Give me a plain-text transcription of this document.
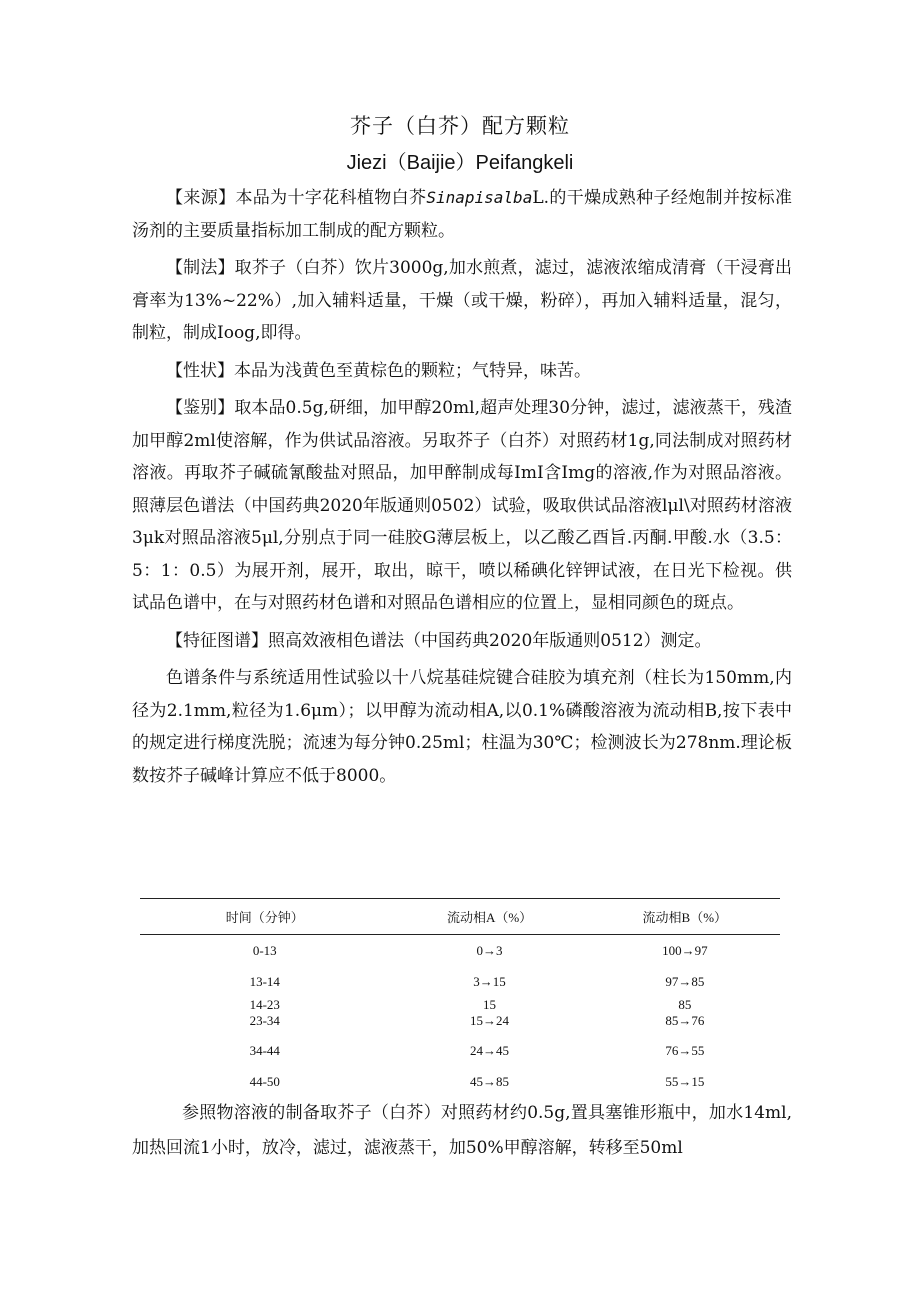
芥子（白芥）配方颗粒
Jiezi（Baijie）Peifangkeli

【来源】本品为十字花科植物白芥SinapisalbaL.的干燥成熟种子经炮制并按标准汤剂的主要质量指标加工制成的配方颗粒。

【制法】取芥子（白芥）饮片3000g,加水煎煮，滤过，滤液浓缩成清膏（干浸膏出膏率为13%~22%）,加入辅料适量，干燥（或干燥，粉碎），再加入辅料适量，混匀，制粒，制成Ioog,即得。

【性状】本品为浅黄色至黄棕色的颗粒；气特异，味苦。

【鉴别】取本品0.5g,研细，加甲醇20ml,超声处理30分钟，滤过，滤液蒸干，残渣加甲醇2ml使溶解，作为供试品溶液。另取芥子（白芥）对照药材1g,同法制成对照药材溶液。再取芥子碱硫氰酸盐对照品，加甲醉制成每ImI含Img的溶液,作为对照品溶液。照薄层色谱法（中国药典2020年版通则0502）试验，吸取供试品溶液lμl\对照药材溶液3μk对照品溶液5μl,分别点于同一硅胶G薄层板上，以乙酸乙酉旨.丙酮.甲酸.水（3.5：5：1：0.5）为展开剂，展开，取出，晾干，喷以稀碘化锌钾试液，在日光下检视。供试品色谱中，在与对照药材色谱和对照品色谱相应的位置上，显相同颜色的斑点。

【特征图谱】照高效液相色谱法（中国药典2020年版通则0512）测定。

色谱条件与系统适用性试验以十八烷基硅烷键合硅胶为填充剂（柱长为150mm,内径为2.1mm,粒径为1.6μm）；以甲醇为流动相A,以0.1%磷酸溶液为流动相B,按下表中的规定进行梯度洗脱；流速为每分钟0.25ml；柱温为30℃；检测波长为278nm.理论板数按芥子碱峰计算应不低于8000。

时间（分钟）	流动相A（%）	流动相B（%）
0-13	0→3	100→97
13-14	3→15	97→85
14-23	15	85
23-34	15→24	85→76
34-44	24→45	76→55
44-50	45→85	55→15

参照物溶液的制备取芥子（白芥）对照药材约0.5g,置具塞锥形瓶中，加水14ml,加热回流1小时，放冷，滤过，滤液蒸干，加50%甲醇溶解，转移至50ml
